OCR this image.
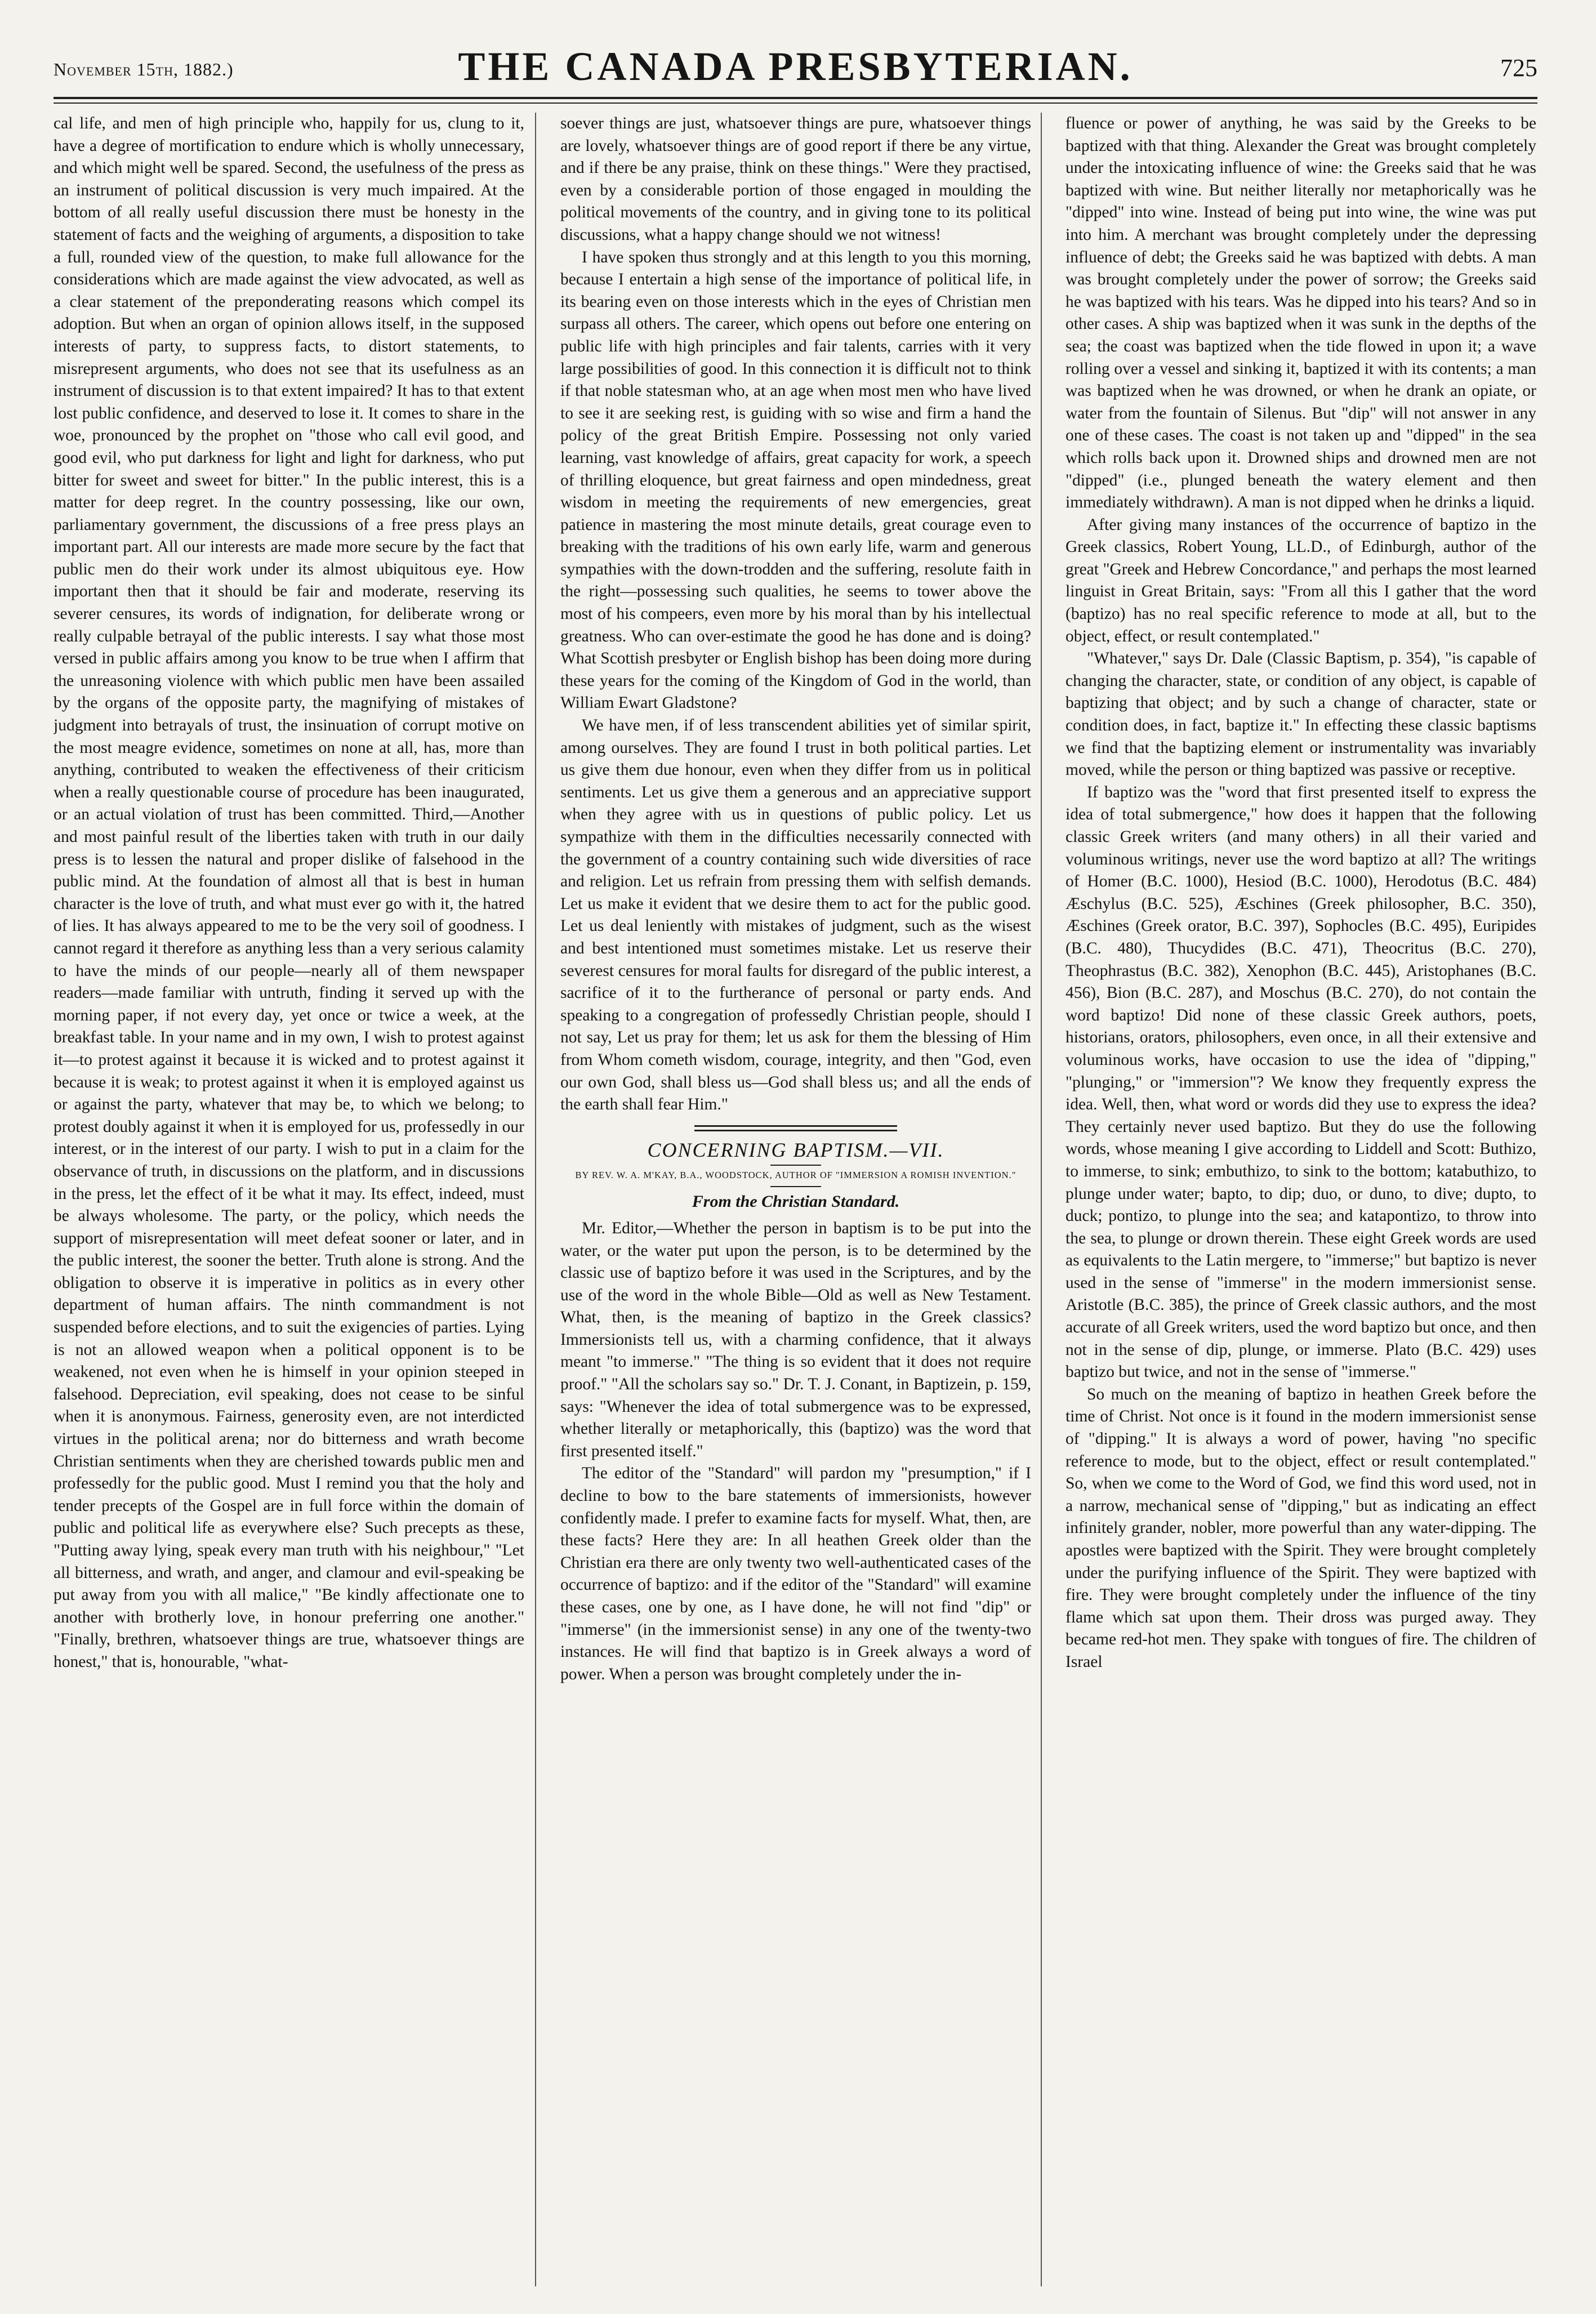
November 15th, 1882.)	THE CANADA PRESBYTERIAN.	725

cal life, and men of high principle who, happily for us, clung to it, have a degree of mortification to endure which is wholly unnecessary, and which might well be spared. Second, the usefulness of the press as an instrument of political discussion is very much impaired. At the bottom of all really useful discussion there must be honesty in the statement of facts and the weighing of arguments, a disposition to take a full, rounded view of the question, to make full allowance for the considerations which are made against the view advocated, as well as a clear statement of the preponderating reasons which compel its adoption. But when an organ of opinion allows itself, in the supposed interests of party, to suppress facts, to distort statements, to misrepresent arguments, who does not see that its usefulness as an instrument of discussion is to that extent impaired? It has to that extent lost public confidence, and deserved to lose it. It comes to share in the woe, pronounced by the prophet on "those who call evil good, and good evil, who put darkness for light and light for darkness, who put bitter for sweet and sweet for bitter." In the public interest, this is a matter for deep regret. In the country possessing, like our own, parliamentary government, the discussions of a free press plays an important part. All our interests are made more secure by the fact that public men do their work under its almost ubiquitous eye. How important then that it should be fair and moderate, reserving its severer censures, its words of indignation, for deliberate wrong or really culpable betrayal of the public interests. I say what those most versed in public affairs among you know to be true when I affirm that the unreasoning violence with which public men have been assailed by the organs of the opposite party, the magnifying of mistakes of judgment into betrayals of trust, the insinuation of corrupt motive on the most meagre evidence, sometimes on none at all, has, more than anything, contributed to weaken the effectiveness of their criticism when a really questionable course of procedure has been inaugurated, or an actual violation of trust has been committed. Third,—Another and most painful result of the liberties taken with truth in our daily press is to lessen the natural and proper dislike of falsehood in the public mind. At the foundation of almost all that is best in human character is the love of truth, and what must ever go with it, the hatred of lies. It has always appeared to me to be the very soil of goodness. I cannot regard it therefore as anything less than a very serious calamity to have the minds of our people—nearly all of them newspaper readers—made familiar with untruth, finding it served up with the morning paper, if not every day, yet once or twice a week, at the breakfast table. In your name and in my own, I wish to protest against it—to protest against it because it is wicked and to protest against it because it is weak; to protest against it when it is employed against us or against the party, whatever that may be, to which we belong; to protest doubly against it when it is employed for us, professedly in our interest, or in the interest of our party. I wish to put in a claim for the observance of truth, in discussions on the platform, and in discussions in the press, let the effect of it be what it may. Its effect, indeed, must be always wholesome. The party, or the policy, which needs the support of misrepresentation will meet defeat sooner or later, and in the public interest, the sooner the better. Truth alone is strong. And the obligation to observe it is imperative in politics as in every other department of human affairs. The ninth commandment is not suspended before elections, and to suit the exigencies of parties. Lying is not an allowed weapon when a political opponent is to be weakened, not even when he is himself in your opinion steeped in falsehood. Depreciation, evil speaking, does not cease to be sinful when it is anonymous. Fairness, generosity even, are not interdicted virtues in the political arena; nor do bitterness and wrath become Christian sentiments when they are cherished towards public men and professedly for the public good. Must I remind you that the holy and tender precepts of the Gospel are in full force within the domain of public and political life as everywhere else? Such precepts as these, "Putting away lying, speak every man truth with his neighbour," "Let all bitterness, and wrath, and anger, and clamour and evil-speaking be put away from you with all malice," "Be kindly affectionate one to another with brotherly love, in honour preferring one another." "Finally, brethren, whatsoever things are true, whatsoever things are honest," that is, honourable, "what-

soever things are just, whatsoever things are pure, whatsoever things are lovely, whatsoever things are of good report if there be any virtue, and if there be any praise, think on these things." Were they practised, even by a considerable portion of those engaged in moulding the political movements of the country, and in giving tone to its political discussions, what a happy change should we not witness!

I have spoken thus strongly and at this length to you this morning, because I entertain a high sense of the importance of political life, in its bearing even on those interests which in the eyes of Christian men surpass all others. The career, which opens out before one entering on public life with high principles and fair talents, carries with it very large possibilities of good. In this connection it is difficult not to think if that noble statesman who, at an age when most men who have lived to see it are seeking rest, is guiding with so wise and firm a hand the policy of the great British Empire. Possessing not only varied learning, vast knowledge of affairs, great capacity for work, a speech of thrilling eloquence, but great fairness and open mindedness, great wisdom in meeting the requirements of new emergencies, great patience in mastering the most minute details, great courage even to breaking with the traditions of his own early life, warm and generous sympathies with the down-trodden and the suffering, resolute faith in the right—possessing such qualities, he seems to tower above the most of his compeers, even more by his moral than by his intellectual greatness. Who can over-estimate the good he has done and is doing? What Scottish presbyter or English bishop has been doing more during these years for the coming of the Kingdom of God in the world, than William Ewart Gladstone?

We have men, if of less transcendent abilities yet of similar spirit, among ourselves. They are found I trust in both political parties. Let us give them due honour, even when they differ from us in political sentiments. Let us give them a generous and an appreciative support when they agree with us in questions of public policy. Let us sympathize with them in the difficulties necessarily connected with the government of a country containing such wide diversities of race and religion. Let us refrain from pressing them with selfish demands. Let us make it evident that we desire them to act for the public good. Let us deal leniently with mistakes of judgment, such as the wisest and best intentioned must sometimes mistake. Let us reserve their severest censures for moral faults for disregard of the public interest, a sacrifice of it to the furtherance of personal or party ends. And speaking to a congregation of professedly Christian people, should I not say, Let us pray for them; let us ask for them the blessing of Him from Whom cometh wisdom, courage, integrity, and then "God, even our own God, shall bless us—God shall bless us; and all the ends of the earth shall fear Him."

CONCERNING BAPTISM.—VII.
BY REV. W. A. M'KAY, B.A., WOODSTOCK, AUTHOR OF "IMMERSION A ROMISH INVENTION."
From the Christian Standard.

Mr. Editor,—Whether the person in baptism is to be put into the water, or the water put upon the person, is to be determined by the classic use of baptizo before it was used in the Scriptures, and by the use of the word in the whole Bible—Old as well as New Testament. What, then, is the meaning of baptizo in the Greek classics? Immersionists tell us, with a charming confidence, that it always meant "to immerse." "The thing is so evident that it does not require proof." "All the scholars say so." Dr. T. J. Conant, in Baptizein, p. 159, says: "Whenever the idea of total submergence was to be expressed, whether literally or metaphorically, this (baptizo) was the word that first presented itself."

The editor of the "Standard" will pardon my "presumption," if I decline to bow to the bare statements of immersionists, however confidently made. I prefer to examine facts for myself. What, then, are these facts? Here they are: In all heathen Greek older than the Christian era there are only twenty two well-authenticated cases of the occurrence of baptizo: and if the editor of the "Standard" will examine these cases, one by one, as I have done, he will not find "dip" or "immerse" (in the immersionist sense) in any one of the twenty-two instances. He will find that baptizo is in Greek always a word of power. When a person was brought completely under the in-

fluence or power of anything, he was said by the Greeks to be baptized with that thing. Alexander the Great was brought completely under the intoxicating influence of wine: the Greeks said that he was baptized with wine. But neither literally nor metaphorically was he "dipped" into wine. Instead of being put into wine, the wine was put into him. A merchant was brought completely under the depressing influence of debt; the Greeks said he was baptized with debts. A man was brought completely under the power of sorrow; the Greeks said he was baptized with his tears. Was he dipped into his tears? And so in other cases. A ship was baptized when it was sunk in the depths of the sea; the coast was baptized when the tide flowed in upon it; a wave rolling over a vessel and sinking it, baptized it with its contents; a man was baptized when he was drowned, or when he drank an opiate, or water from the fountain of Silenus. But "dip" will not answer in any one of these cases. The coast is not taken up and "dipped" in the sea which rolls back upon it. Drowned ships and drowned men are not "dipped" (i.e., plunged beneath the watery element and then immediately withdrawn). A man is not dipped when he drinks a liquid.

After giving many instances of the occurrence of baptizo in the Greek classics, Robert Young, LL.D., of Edinburgh, author of the great "Greek and Hebrew Concordance," and perhaps the most learned linguist in Great Britain, says: "From all this I gather that the word (baptizo) has no real specific reference to mode at all, but to the object, effect, or result contemplated."

"Whatever," says Dr. Dale (Classic Baptism, p. 354), "is capable of changing the character, state, or condition of any object, is capable of baptizing that object; and by such a change of character, state or condition does, in fact, baptize it." In effecting these classic baptisms we find that the baptizing element or instrumentality was invariably moved, while the person or thing baptized was passive or receptive.

If baptizo was the "word that first presented itself to express the idea of total submergence," how does it happen that the following classic Greek writers (and many others) in all their varied and voluminous writings, never use the word baptizo at all? The writings of Homer (B.C. 1000), Hesiod (B.C. 1000), Herodotus (B.C. 484) Æschylus (B.C. 525), Æschines (Greek philosopher, B.C. 350), Æschines (Greek orator, B.C. 397), Sophocles (B.C. 495), Euripides (B.C. 480), Thucydides (B.C. 471), Theocritus (B.C. 270), Theophrastus (B.C. 382), Xenophon (B.C. 445), Aristophanes (B.C. 456), Bion (B.C. 287), and Moschus (B.C. 270), do not contain the word baptizo! Did none of these classic Greek authors, poets, historians, orators, philosophers, even once, in all their extensive and voluminous works, have occasion to use the idea of "dipping," "plunging," or "immersion"? We know they frequently express the idea. Well, then, what word or words did they use to express the idea? They certainly never used baptizo. But they do use the following words, whose meaning I give according to Liddell and Scott: Buthizo, to immerse, to sink; embuthizo, to sink to the bottom; katabuthizo, to plunge under water; bapto, to dip; duo, or duno, to dive; dupto, to duck; pontizo, to plunge into the sea; and katapontizo, to throw into the sea, to plunge or drown therein. These eight Greek words are used as equivalents to the Latin mergere, to "immerse;" but baptizo is never used in the sense of "immerse" in the modern immersionist sense. Aristotle (B.C. 385), the prince of Greek classic authors, and the most accurate of all Greek writers, used the word baptizo but once, and then not in the sense of dip, plunge, or immerse. Plato (B.C. 429) uses baptizo but twice, and not in the sense of "immerse."

So much on the meaning of baptizo in heathen Greek before the time of Christ. Not once is it found in the modern immersionist sense of "dipping." It is always a word of power, having "no specific reference to mode, but to the object, effect or result contemplated." So, when we come to the Word of God, we find this word used, not in a narrow, mechanical sense of "dipping," but as indicating an effect infinitely grander, nobler, more powerful than any water-dipping. The apostles were baptized with the Spirit. They were brought completely under the purifying influence of the Spirit. They were baptized with fire. They were brought completely under the influence of the tiny flame which sat upon them. Their dross was purged away. They became red-hot men. They spake with tongues of fire. The children of Israel
